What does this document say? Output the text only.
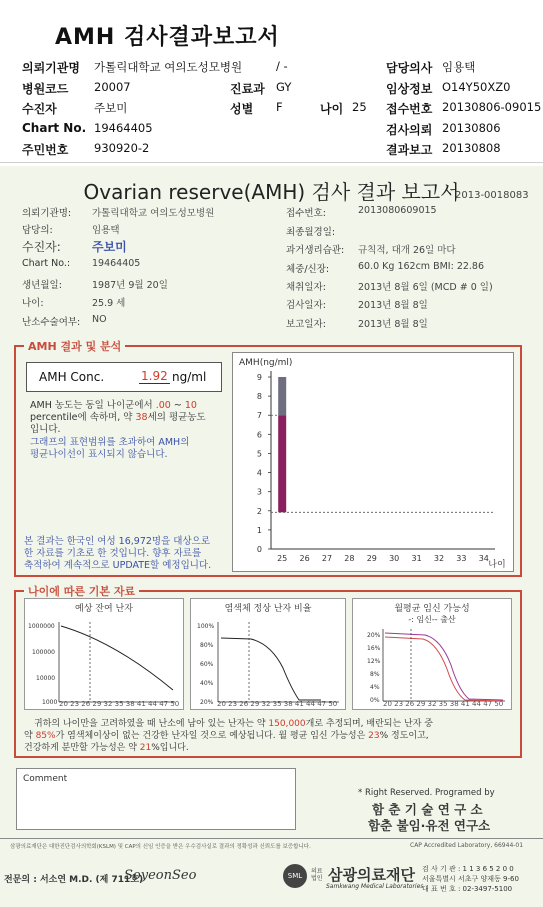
AMH 검사결과보고서
의뢰기관명 가톨릭대학교 여의도성모병원	/ -	담당의사 임용택
병원코드 20007	진료과 GY	임상정보 O14Y50XZ0
수진자	주보미	성별 F	나이 25 접수번호 20130806-09015
Chart No. 19464405	검사의뢰 20130806
주민번호 930920-2	결과보고 20130808
Ovarian reserve(AMH) 검사 결과 보고서
2013-0018083
의뢰기관명: 가톨릭대학교 여의도성모병원
담당의:	임용택
수진자:	주보미
Chart No.: 19464405
생년월일:	1987년 9월 20일
나이:	25.9 세
난소수술여부: NO
접수번호:	2013080609015
최종월경일:
과거생리습관: 규칙적, 대개 26일 마다
체중/신장:	60.0 Kg 162cm BMI: 22.86
채취일자:	2013년 8월 6일 (MCD # 0 일)
검사일자:	2013년 8월 8일
보고일자:	2013년 8월 8일
AMH 결과 및 분석
AMH Conc.	1.92 ng/ml
AMH 농도는 동일 나이군에서 .00 ~ 10
percentile에 속하며, 약 38세의 평균농도
입니다.
그래프의 표현범위를 초과하여 AMH의
평균나이선이 표시되지 않습니다.
본 결과는 한국인 여성 16,972명을 대상으로
한 자료를 기초로 한 것입니다. 향후 자료를
축적하여 계속적으로 UPDATE할 예정입니다.
AMH(ng/ml)
0
1
2
3
4
5
6
7
8
9
25 26 27 28 29 30 31 32 33 34
나이
나이에 따른 기본 자료
예상 잔여 난자
1000000
100000
10000
1000 20 23 26 29 32 35 38 41 44 47 50
염색체 정상 난자 비율
100%
80%
60%
40%
20% 20 23 26 29 32 35 38 41 44 47 50
월평균 임신 가능성
-: 임신-- 출산
20%
16%
12%
8%
4%
0% 20 23 26 29 32 35 38 41 44 47 50
귀하의 나이만을 고려하였을 때 난소에 남아 있는 난자는 약 150,000개로 추정되며, 배란되는 난자 중
약 85%가 염색체이상이 없는 건강한 난자일 것으로 예상됩니다. 월 평균 임신 가능성은 23% 정도이고,
건강하게 분만할 가능성은 약 21%입니다.
Comment
* Right Reserved. Programed by
함 춘 기 술 연 구 소
함춘 불임·유전 연구소
삼광의료재단은 대한진단검사의학회(KSLM) 및 CAP의 신임 인증을 받은 우수검사실로 결과의 정확성과 신뢰도를 보증합니다.	CAP Accredited Laboratory, 66944-01
전문의 : 서소연 M.D. (제 711호)
SoyeonSeo	SML
의료법인 삼광의료재단
Samkwang Medical Laboratories
검 사 기 관 : 1 1 3 6 5 2 0 0
서울특별시 서초구 양재동 9-60
대 표 번 호 : 02-3497-5100
